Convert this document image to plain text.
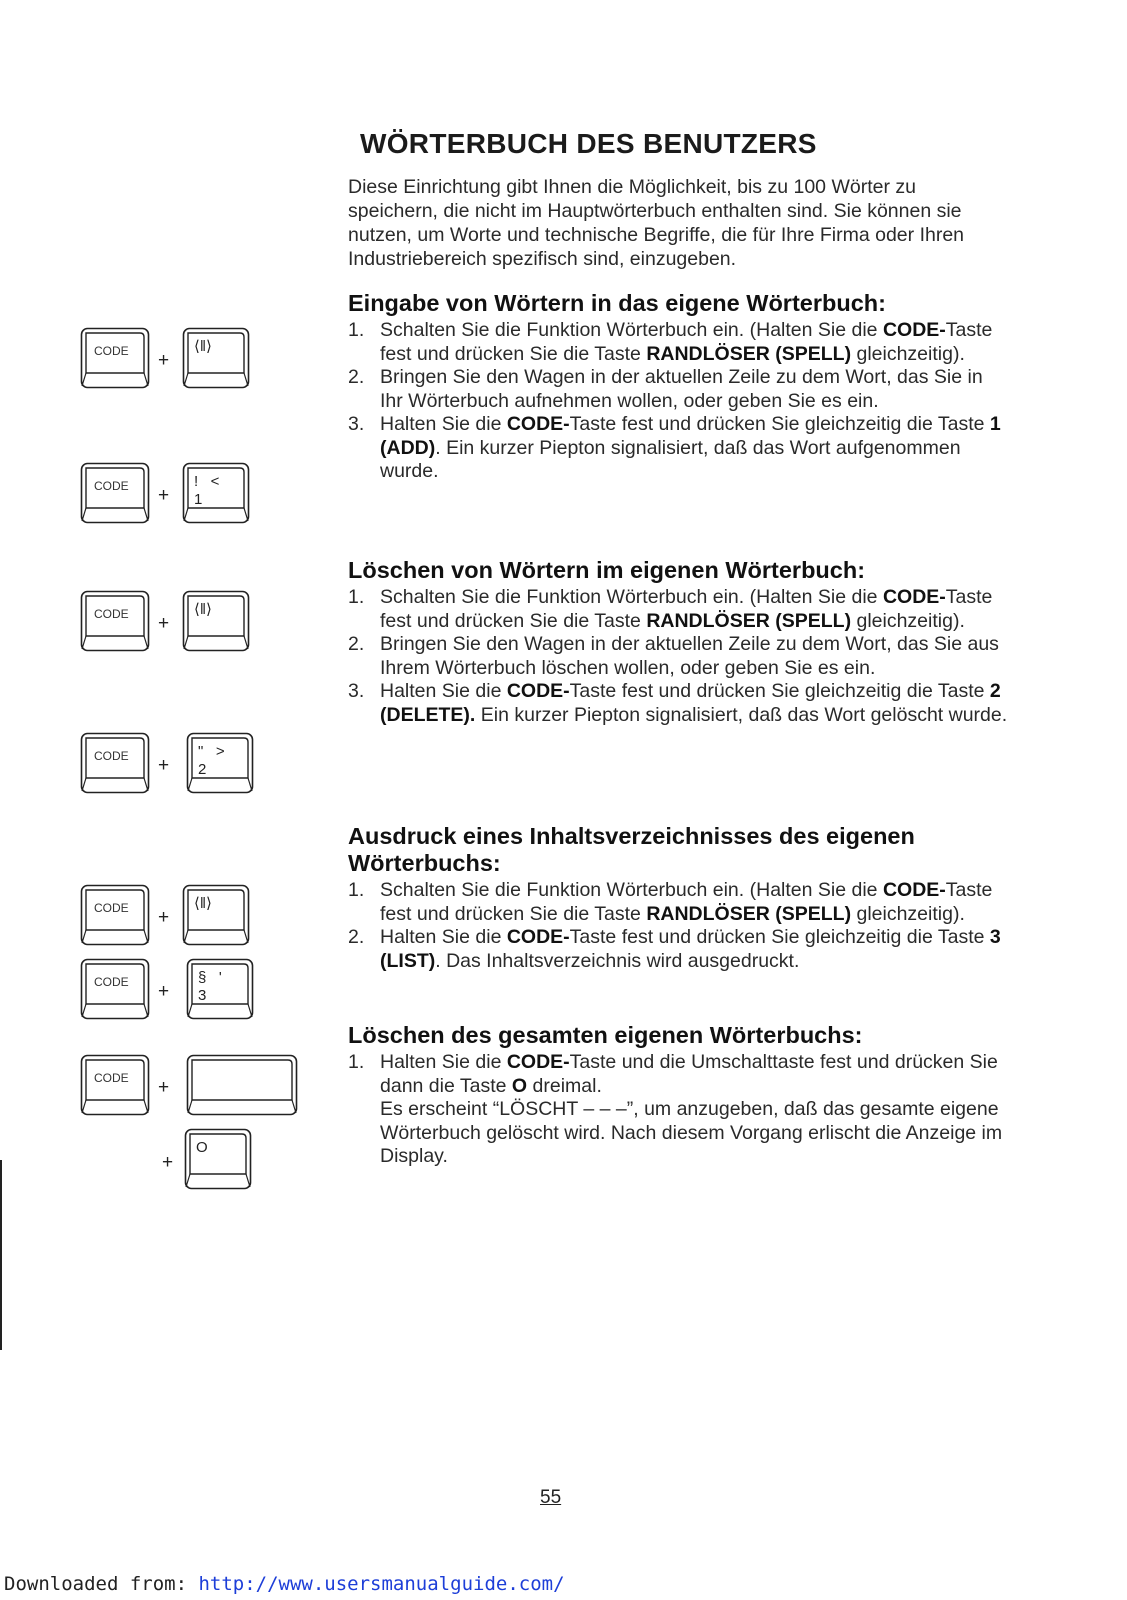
WÖRTERBUCH DES BENUTZERS
Diese Einrichtung gibt Ihnen die Möglichkeit, bis zu 100 Wörter zu speichern, die nicht im Hauptwörterbuch enthalten sind. Sie können sie nutzen, um Worte und technische Begriffe, die für Ihre Firma oder Ihren Industriebereich spezifisch sind, einzugeben.
Eingabe von Wörtern in das eigene Wörterbuch:
1. Schalten Sie die Funktion Wörterbuch ein. (Halten Sie die CODE-Taste fest und drücken Sie die Taste RANDLÖSER (SPELL) gleichzeitig).
2. Bringen Sie den Wagen in der aktuellen Zeile zu dem Wort, das Sie in Ihr Wörterbuch aufnehmen wollen, oder geben Sie es ein.
3. Halten Sie die CODE-Taste fest und drücken Sie gleichzeitig die Taste 1 (ADD). Ein kurzer Piepton signalisiert, daß das Wort aufgenommen wurde.
Löschen von Wörtern im eigenen Wörterbuch:
1. Schalten Sie die Funktion Wörterbuch ein. (Halten Sie die CODE-Taste fest und drücken Sie die Taste RANDLÖSER (SPELL) gleichzeitig).
2. Bringen Sie den Wagen in der aktuellen Zeile zu dem Wort, das Sie aus Ihrem Wörterbuch löschen wollen, oder geben Sie es ein.
3. Halten Sie die CODE-Taste fest und drücken Sie gleichzeitig die Taste 2 (DELETE). Ein kurzer Piepton signalisiert, daß das Wort gelöscht wurde.
Ausdruck eines Inhaltsverzeichnisses des eigenen Wörterbuchs:
1. Schalten Sie die Funktion Wörterbuch ein. (Halten Sie die CODE-Taste fest und drücken Sie die Taste RANDLÖSER (SPELL) gleichzeitig).
2. Halten Sie die CODE-Taste fest und drücken Sie gleichzeitig die Taste 3 (LIST). Das Inhaltsverzeichnis wird ausgedruckt.
Löschen des gesamten eigenen Wörterbuchs:
1. Halten Sie die CODE-Taste und die Umschalttaste fest und drücken Sie dann die Taste O dreimal.
Es erscheint “LÖSCHT – – –”, um anzugeben, daß das gesamte eigene Wörterbuch gelöscht wird. Nach diesem Vorgang erlischt die Anzeige im Display.
CODE +
⟨‖⟩
CODE +
!   <
1
CODE +
⟨‖⟩
CODE +
"   >
2
CODE +
⟨‖⟩
CODE +
§   '
3
CODE +
+
O
55
Downloaded from: http://www.usersmanualguide.com/
